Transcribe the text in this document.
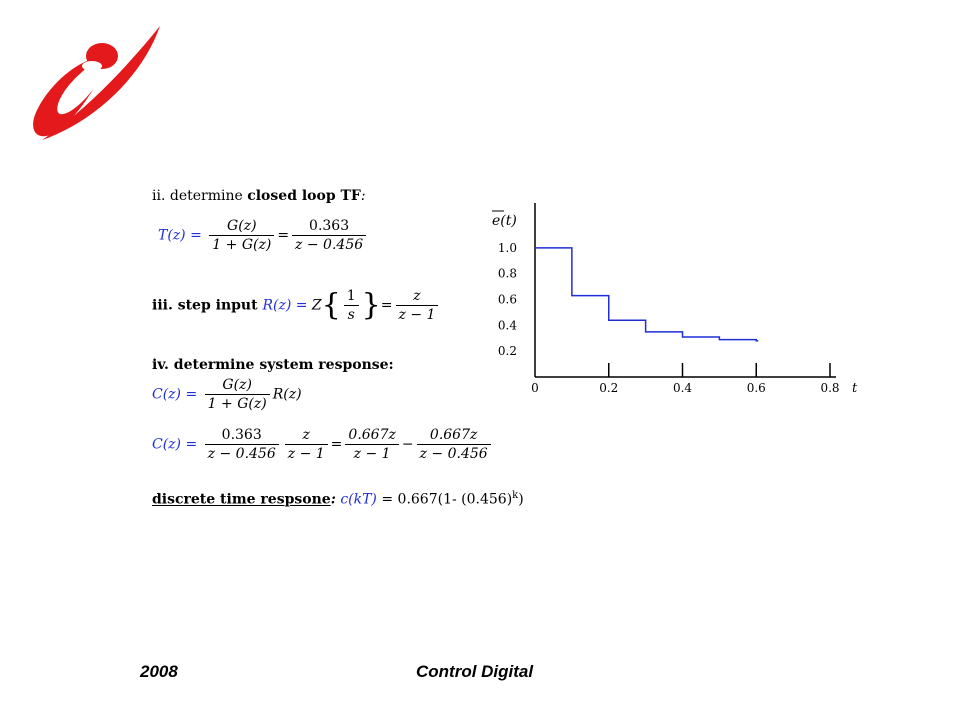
ii. determine closed loop TF:
$T(z) = \frac{G(z)}{1 + G(z)} = \frac{0.363}{z - 0.456}$
iii. step input $R(z) = Z\{ \frac{1}{s}$ }= $\frac{z}{z - 1}$
iv. determine system response:
$C(z) = \frac{G(z)}{1 + G(z)} R(z)$
$C(z) = \frac{0.363}{z - 0.456} \frac{z}{z - 1} = \frac{0.667z}{z - 1} - \frac{0.667z}{z - 0.456}$
discrete time respsone: c(kT) = 0.667(1- $(0.456)^k$)
0	0.2	0.4	0.6	0.8
1.0
0.8
0.6
0.4
0.2
e(t)
t
2008	Control Digital
